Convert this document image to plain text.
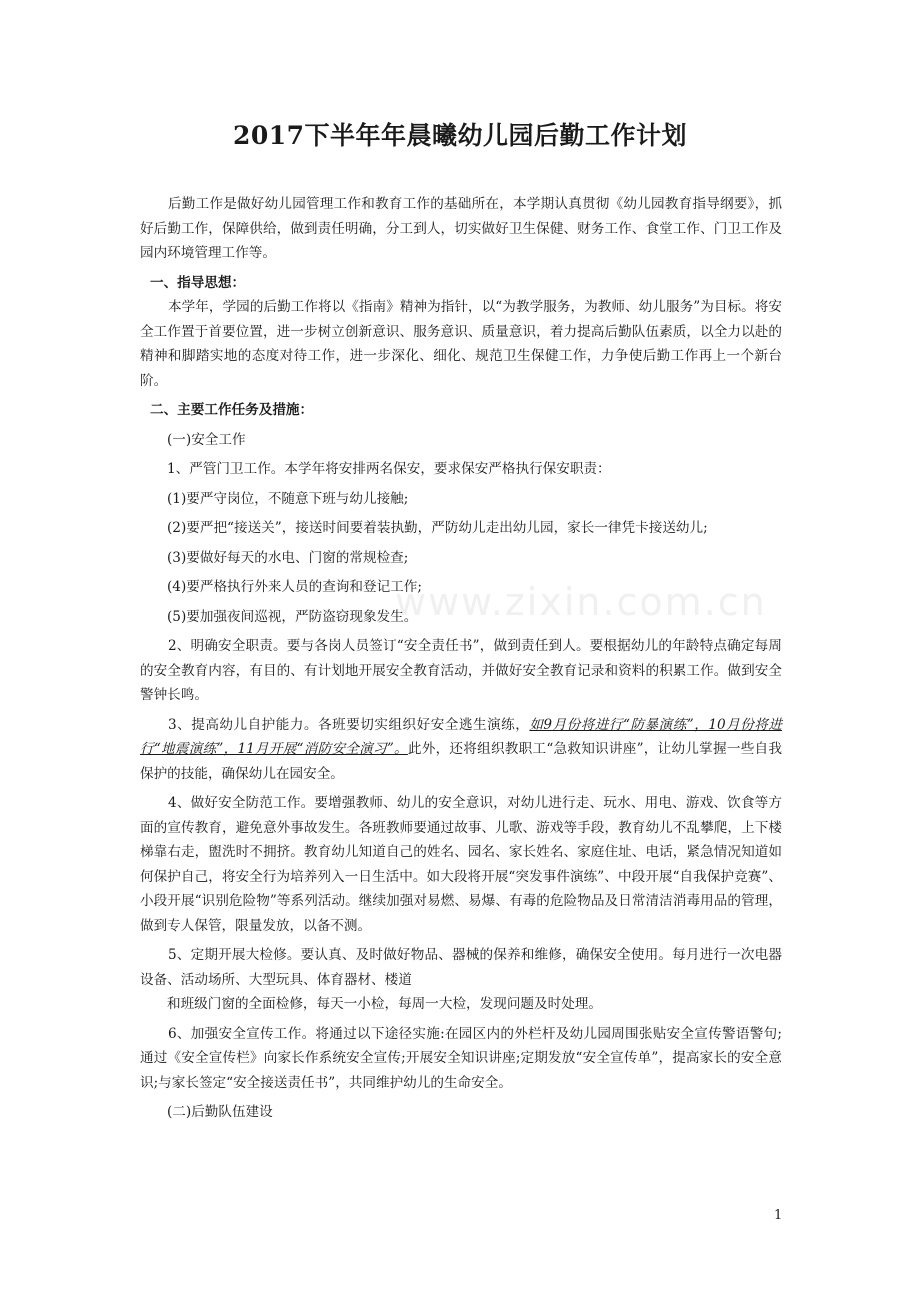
www.zixin.com.cn
2017下半年年晨曦幼儿园后勤工作计划

后勤工作是做好幼儿园管理工作和教育工作的基础所在，本学期认真贯彻《幼儿园教育指导纲要》，抓好后勤工作，保障供给，做到责任明确，分工到人，切实做好卫生保健、财务工作、食堂工作、门卫工作及园内环境管理工作等。

一、指导思想：

本学年，学园的后勤工作将以《指南》精神为指针，以“为教学服务，为教师、幼儿服务”为目标。将安全工作置于首要位置，进一步树立创新意识、服务意识、质量意识，着力提高后勤队伍素质，以全力以赴的精神和脚踏实地的态度对待工作，进一步深化、细化、规范卫生保健工作，力争使后勤工作再上一个新台阶。

二、主要工作任务及措施：

(一)安全工作

1、严管门卫工作。本学年将安排两名保安，要求保安严格执行保安职责：

(1)要严守岗位，不随意下班与幼儿接触;

(2)要严把“接送关”，接送时间要着装执勤，严防幼儿走出幼儿园，家长一律凭卡接送幼儿;

(3)要做好每天的水电、门窗的常规检查;

(4)要严格执行外来人员的查询和登记工作;

(5)要加强夜间巡视，严防盗窃现象发生。

2、明确安全职责。要与各岗人员签订“安全责任书”，做到责任到人。要根据幼儿的年龄特点确定每周的安全教育内容，有目的、有计划地开展安全教育活动，并做好安全教育记录和资料的积累工作。做到安全警钟长鸣。

3、提高幼儿自护能力。各班要切实组织好安全逃生演练，如9月份将进行“防暴演练”，10月份将进行“地震演练”，11月开展“消防安全演习”。此外，还将组织教职工“急救知识讲座”，让幼儿掌握一些自我保护的技能，确保幼儿在园安全。

4、做好安全防范工作。要增强教师、幼儿的安全意识，对幼儿进行走、玩水、用电、游戏、饮食等方面的宣传教育，避免意外事故发生。各班教师要通过故事、儿歌、游戏等手段，教育幼儿不乱攀爬，上下楼梯靠右走，盥洗时不拥挤。教育幼儿知道自己的姓名、园名、家长姓名、家庭住址、电话，紧急情况知道如何保护自己，将安全行为培养列入一日生活中。如大段将开展“突发事件演练”、中段开展“自我保护竞赛”、小段开展“识别危险物”等系列活动。继续加强对易燃、易爆、有毒的危险物品及日常清洁消毒用品的管理，做到专人保管，限量发放，以备不测。

5、定期开展大检修。要认真、及时做好物品、器械的保养和维修，确保安全使用。每月进行一次电器设备、活动场所、大型玩具、体育器材、楼道

和班级门窗的全面检修，每天一小检，每周一大检，发现问题及时处理。

6、加强安全宣传工作。将通过以下途径实施:在园区内的外栏杆及幼儿园周围张贴安全宣传警语警句;通过《安全宣传栏》向家长作系统安全宣传;开展安全知识讲座;定期发放“安全宣传单”，提高家长的安全意识;与家长签定“安全接送责任书”，共同维护幼儿的生命安全。

(二)后勤队伍建设

1
